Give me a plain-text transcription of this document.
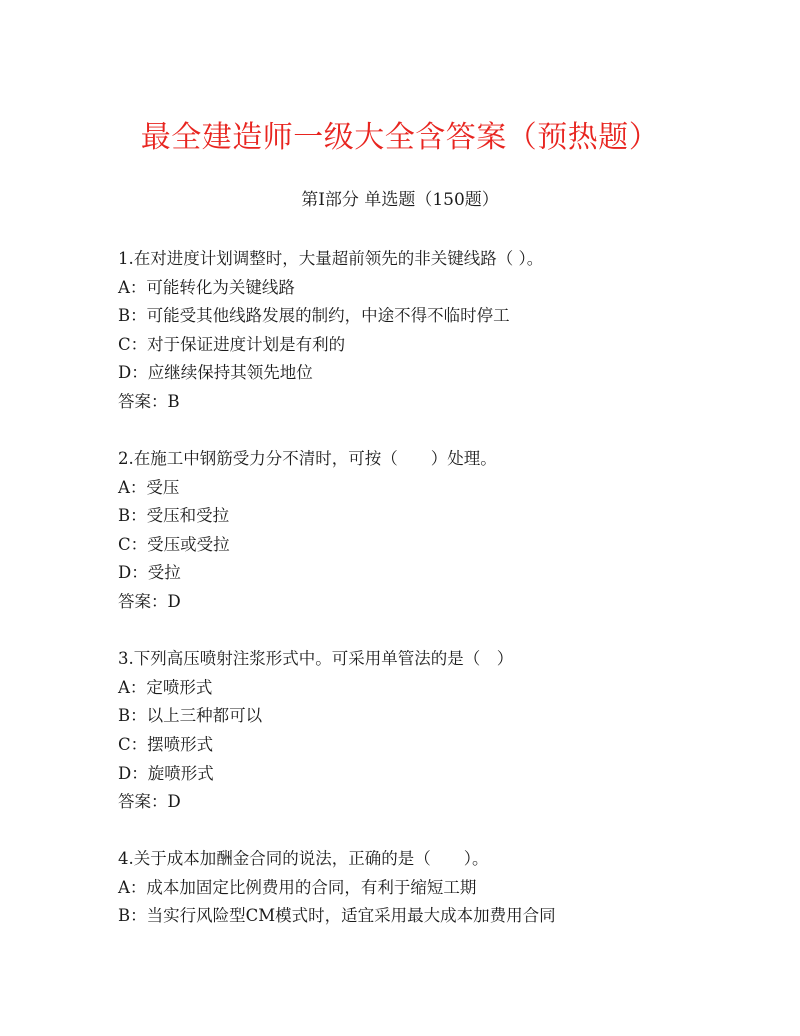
最全建造师一级大全含答案（预热题）
第Ⅰ部分 单选题（150题）
1.在对进度计划调整时，大量超前领先的非关键线路（ ）。
A：可能转化为关键线路
B：可能受其他线路发展的制约，中途不得不临时停工
C：对于保证进度计划是有利的
D：应继续保持其领先地位
答案：B
2.在施工中钢筋受力分不清时，可按（　　）处理。
A：受压
B：受压和受拉
C：受压或受拉
D：受拉
答案：D
3.下列高压喷射注浆形式中。可采用单管法的是（　）
A：定喷形式
B：以上三种都可以
C：摆喷形式
D：旋喷形式
答案：D
4.关于成本加酬金合同的说法，正确的是（　　）。
A：成本加固定比例费用的合同，有利于缩短工期
B：当实行风险型CM模式时，适宜采用最大成本加费用合同
